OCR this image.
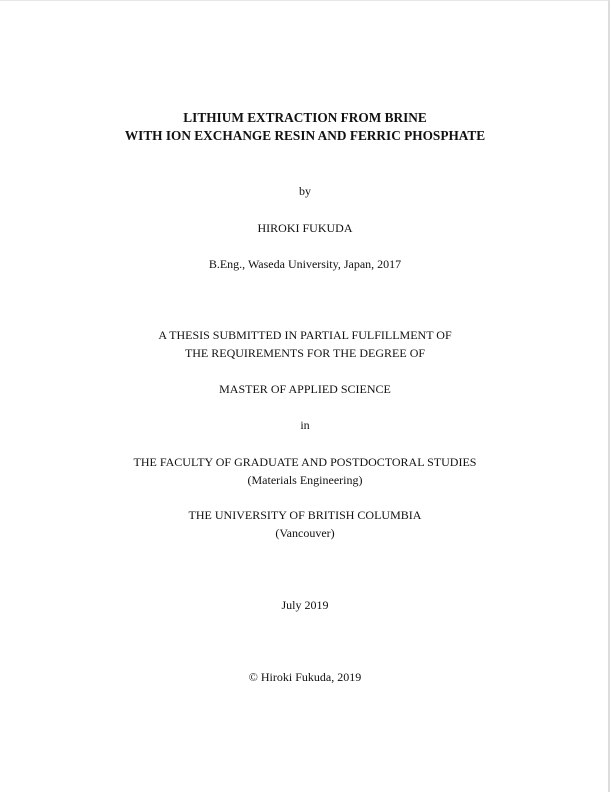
LITHIUM EXTRACTION FROM BRINE
WITH ION EXCHANGE RESIN AND FERRIC PHOSPHATE
by
HIROKI FUKUDA
B.Eng., Waseda University, Japan, 2017
A THESIS SUBMITTED IN PARTIAL FULFILLMENT OF
THE REQUIREMENTS FOR THE DEGREE OF
MASTER OF APPLIED SCIENCE
in
THE FACULTY OF GRADUATE AND POSTDOCTORAL STUDIES
(Materials Engineering)
THE UNIVERSITY OF BRITISH COLUMBIA
(Vancouver)
July 2019
© Hiroki Fukuda, 2019
